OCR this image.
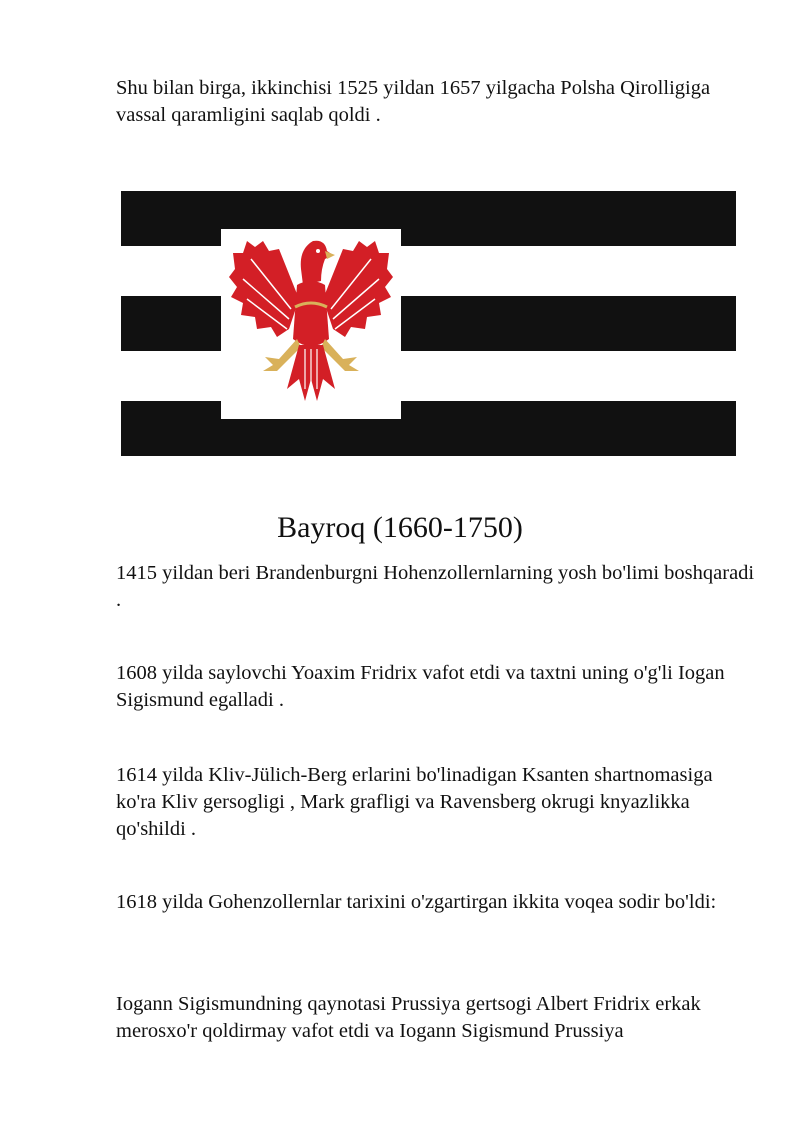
Shu bilan birga, ikkinchisi 1525 yildan 1657 yilgacha Polsha Qirolligiga vassal qaramligini saqlab qoldi .

Bayroq (1660-1750)

1415 yildan beri Brandenburgni Hohenzollernlarning yosh bo'limi boshqaradi .

1608 yilda saylovchi Yoaxim Fridrix vafot etdi va taxtni uning o'g'li Iogan Sigismund egalladi .

1614 yilda Kliv-Jülich-Berg erlarini bo'linadigan Ksanten shartnomasiga ko'ra Kliv gersogligi , Mark grafligi va Ravensberg okrugi knyazlikka qo'shildi .

1618 yilda Gohenzollernlar tarixini o'zgartirgan ikkita voqea sodir bo'ldi:

Iogann Sigismundning qaynotasi Prussiya gertsogi Albert Fridrix erkak merosxo'r qoldirmay vafot etdi va Iogann Sigismund Prussiya
